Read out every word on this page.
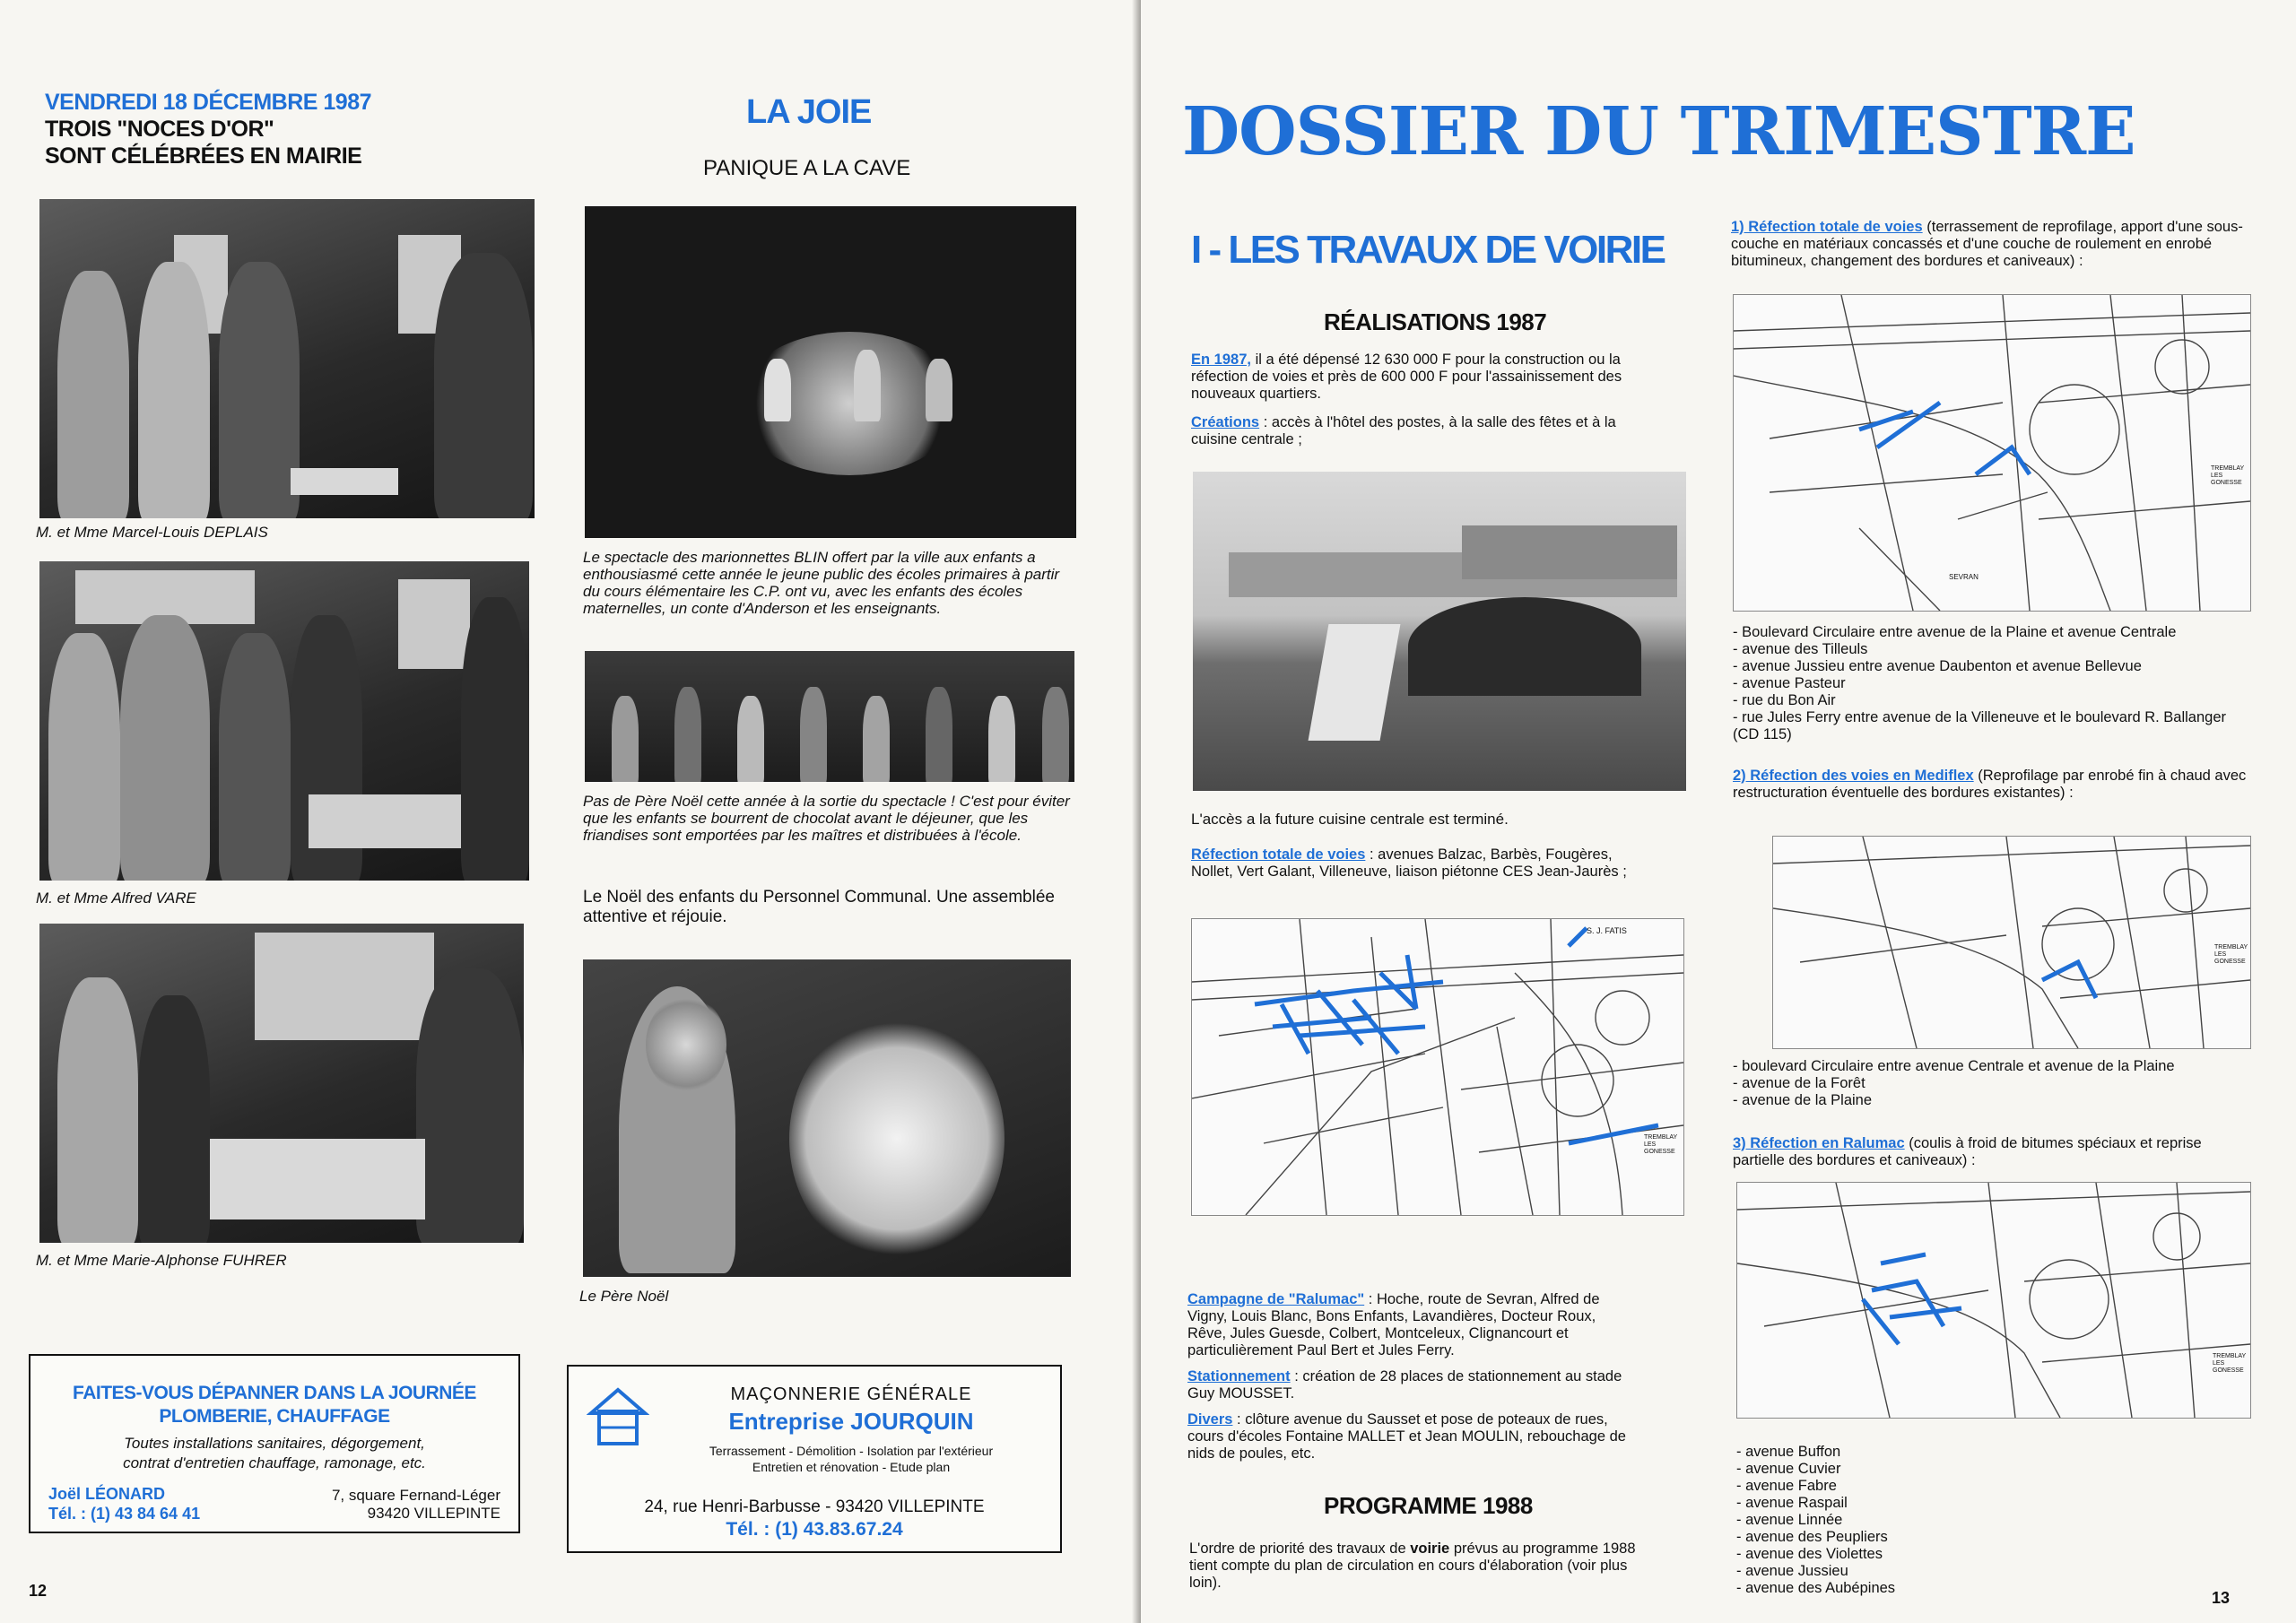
VENDREDI 18 DÉCEMBRE 1987
TROIS "NOCES D'OR"
SONT CÉLÉBRÉES EN MAIRIE
M. et Mme Marcel-Louis DEPLAIS
M. et Mme Alfred VARE
M. et Mme Marie-Alphonse FUHRER
LA JOIE
PANIQUE A LA CAVE
Le spectacle des marionnettes BLIN offert par la ville aux enfants a enthousiasmé cette année le jeune public des écoles primaires à partir du cours élémentaire les C.P. ont vu, avec les enfants des écoles maternelles, un conte d'Anderson et les enseignants.
Pas de Père Noël cette année à la sortie du spectacle ! C'est pour éviter que les enfants se bourrent de chocolat avant le déjeuner, que les friandises sont emportées par les maîtres et distribuées à l'école.
Le Noël des enfants du Personnel Communal. Une assemblée attentive et réjouie.
Le Père Noël
FAITES-VOUS DÉPANNER DANS LA JOURNÉE
PLOMBERIE, CHAUFFAGE
Toutes installations sanitaires, dégorgement,
contrat d'entretien chauffage, ramonage, etc.
Joël LÉONARD
Tél. : (1) 43 84 64 41
7, square Fernand-Léger
93420 VILLEPINTE
MAÇONNERIE GÉNÉRALE
Entreprise JOURQUIN
Terrassement - Démolition - Isolation par l'extérieur
Entretien et rénovation - Etude plan
24, rue Henri-Barbusse - 93420 VILLEPINTE
Tél. : (1) 43.83.67.24
12
DOSSIER DU TRIMESTRE
I - LES TRAVAUX DE VOIRIE
RÉALISATIONS 1987
En 1987, il a été dépensé 12 630 000 F pour la construction ou la réfection de voies et près de 600 000 F pour l'assainissement des nouveaux quartiers.
Créations : accès à l'hôtel des postes, à la salle des fêtes et à la cuisine centrale ;
L'accès a la future cuisine centrale est terminé.
Réfection totale de voies : avenues Balzac, Barbès, Fougères, Nollet, Vert Galant, Villeneuve, liaison piétonne CES Jean-Jaurès ;
S. J. FATIS
TREMBLAY LES GONESSE
Campagne de "Ralumac" : Hoche, route de Sevran, Alfred de Vigny, Louis Blanc, Bons Enfants, Lavandières, Docteur Roux, Rêve, Jules Guesde, Colbert, Montceleux, Clignancourt et particulièrement Paul Bert et Jules Ferry.
Stationnement : création de 28 places de stationnement au stade Guy MOUSSET.
Divers : clôture avenue du Sausset et pose de poteaux de rues, cours d'écoles Fontaine MALLET et Jean MOULIN, rebouchage de nids de poules, etc.
PROGRAMME 1988
L'ordre de priorité des travaux de voirie prévus au programme 1988 tient compte du plan de circulation en cours d'élaboration (voir plus loin).
1) Réfection totale de voies (terrassement de reprofilage, apport d'une sous-couche en matériaux concassés et d'une couche de roulement en enrobé bitumineux, changement des bordures et caniveaux) :
TREMBLAY LES GONESSE
SEVRAN
- Boulevard Circulaire entre avenue de la Plaine et avenue Centrale
- avenue des Tilleuls
- avenue Jussieu entre avenue Daubenton et avenue Bellevue
- avenue Pasteur
- rue du Bon Air
- rue Jules Ferry entre avenue de la Villeneuve et le boulevard R. Ballanger (CD 115)
2) Réfection des voies en Mediflex (Reprofilage par enrobé fin à chaud avec restructuration éventuelle des bordures existantes) :
TREMBLAY LES GONESSE
- boulevard Circulaire entre avenue Centrale et avenue de la Plaine
- avenue de la Forêt
- avenue de la Plaine
3) Réfection en Ralumac (coulis à froid de bitumes spéciaux et reprise partielle des bordures et caniveaux) :
TREMBLAY LES GONESSE
- avenue Buffon
- avenue Cuvier
- avenue Fabre
- avenue Raspail
- avenue Linnée
- avenue des Peupliers
- avenue des Violettes
- avenue Jussieu
- avenue des Aubépines
13
